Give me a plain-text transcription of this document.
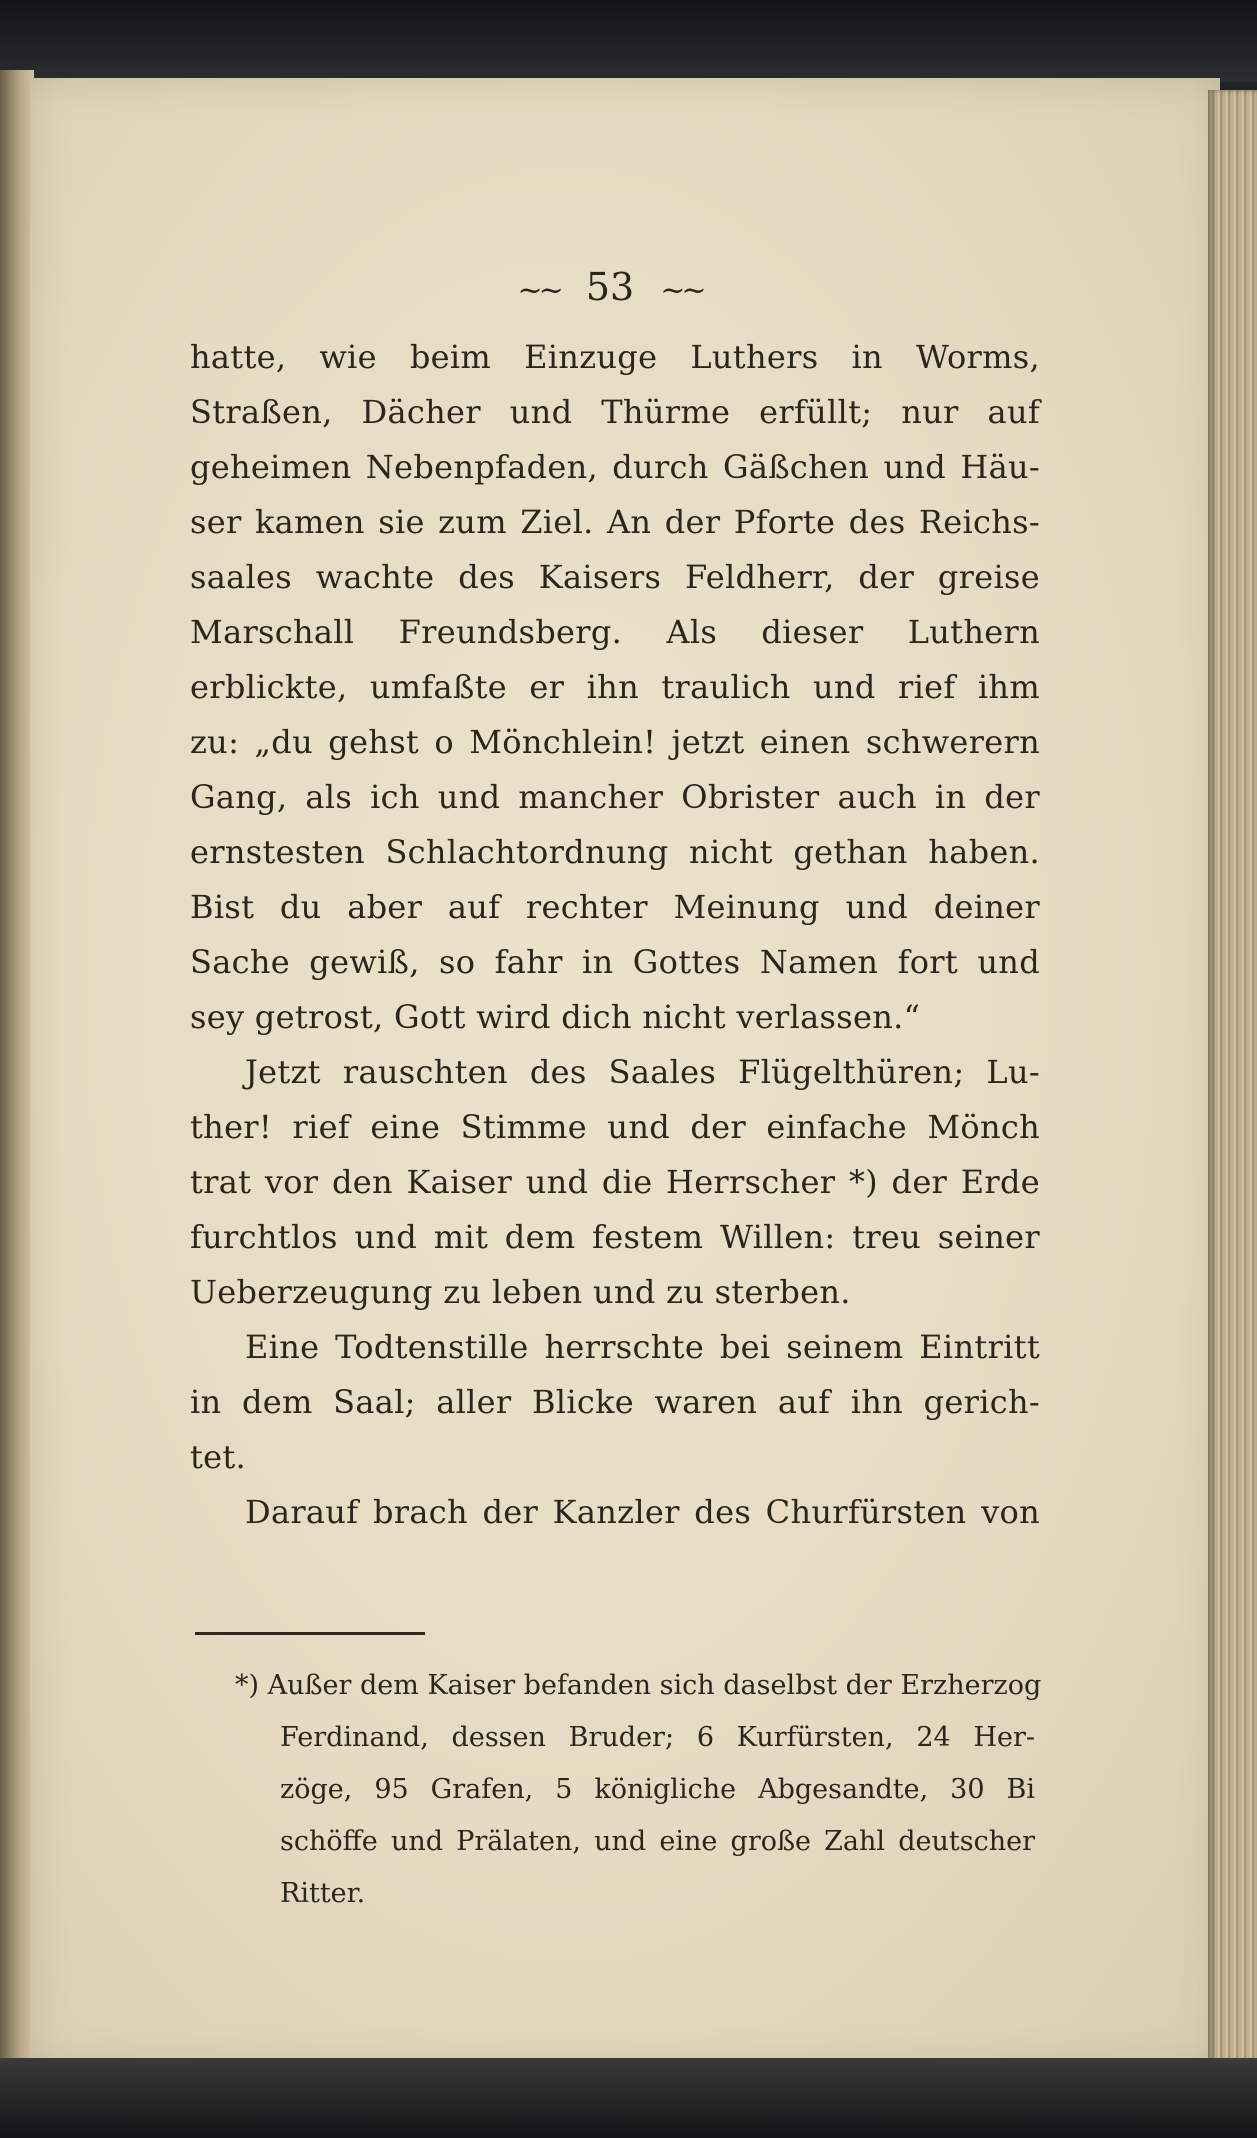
~~ 53 ~~
hatte, wie beim Einzuge Luthers in Worms,
Straßen, Dächer und Thürme erfüllt; nur auf
geheimen Nebenpfaden, durch Gäßchen und Häu-
ser kamen sie zum Ziel. An der Pforte des Reichs-
saales wachte des Kaisers Feldherr, der greise
Marschall Freundsberg. Als dieser Luthern
erblickte, umfaßte er ihn traulich und rief ihm
zu: „du gehst o Mönchlein! jetzt einen schwerern
Gang, als ich und mancher Obrister auch in der
ernstesten Schlachtordnung nicht gethan haben.
Bist du aber auf rechter Meinung und deiner
Sache gewiß, so fahr in Gottes Namen fort und
sey getrost, Gott wird dich nicht verlassen.“
Jetzt rauschten des Saales Flügelthüren; Lu-
ther! rief eine Stimme und der einfache Mönch
trat vor den Kaiser und die Herrscher *) der Erde
furchtlos und mit dem festem Willen: treu seiner
Ueberzeugung zu leben und zu sterben.
Eine Todtenstille herrschte bei seinem Eintritt
in dem Saal; aller Blicke waren auf ihn gerich-
tet.
Darauf brach der Kanzler des Churfürsten von
*) Außer dem Kaiser befanden sich daselbst der Erzherzog
Ferdinand, dessen Bruder; 6 Kurfürsten, 24 Her-
zöge, 95 Grafen, 5 königliche Abgesandte, 30 Bi
schöffe und Prälaten, und eine große Zahl deutscher
Ritter.
